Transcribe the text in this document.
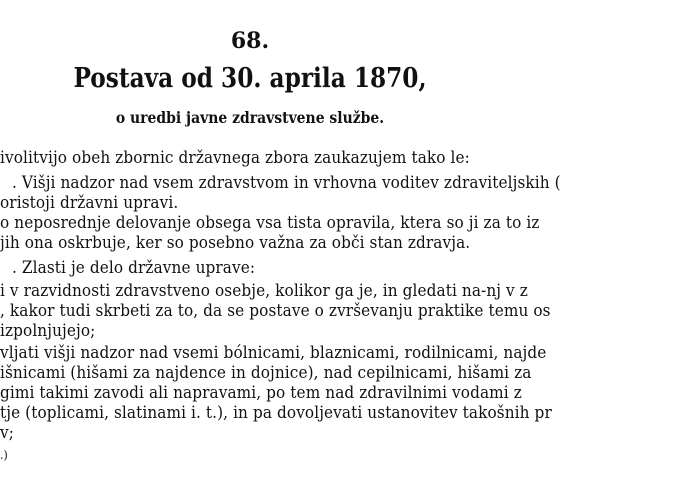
68.
Postava od 30. aprila 1870,
o uredbi javne zdravstvene službe.
ivolitvijo obeh zbornic državnega zbora zaukazujem tako le:
. Višji nadzor nad vsem zdravstvom in vrhovna voditev zdraviteljskih (
oristoji državni upravi.
o neposrednje delovanje obsega vsa tista opravila, ktera so ji za to iz
jih ona oskrbuje, ker so posebno važna za obči stan zdravja.
. Zlasti je delo državne uprave:
i v razvidnosti zdravstveno osebje, kolikor ga je, in gledati na-nj v z
, kakor tudi skrbeti za to, da se postave o zvrševanju praktike temu os
izpolnjujejo;
vljati višji nadzor nad vsemi bólnicami, blaznicami, rodilnicami, najde
išnicami (hišami za najdence in dojnice), nad cepilnicami, hišami za
gimi takimi zavodi ali napravami, po tem nad zdravilnimi vodami z
tje (toplicami, slatinami i. t.), in pa dovoljevati ustanovitev takošnih pr
v;
.)
